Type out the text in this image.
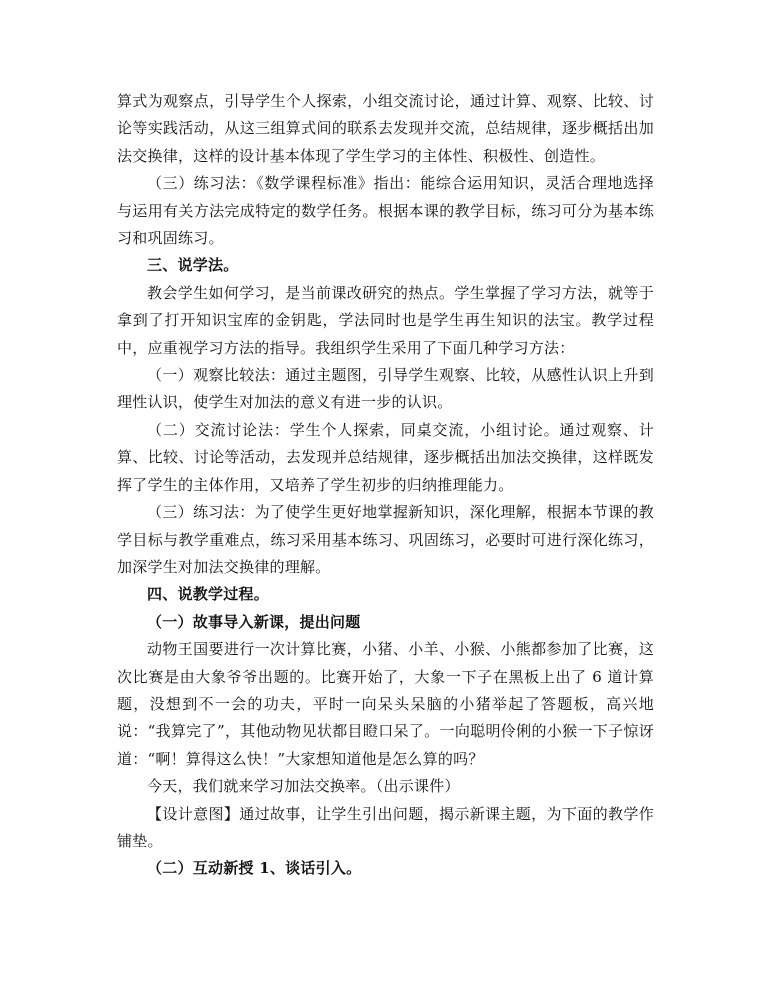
算式为观察点，引导学生个人探索，小组交流讨论，通过计算、观察、比较、讨论等实践活动，从这三组算式间的联系去发现并交流，总结规律，逐步概括出加法交换律，这样的设计基本体现了学生学习的主体性、积极性、创造性。

（三）练习法：《数学课程标准》指出：能综合运用知识，灵活合理地选择与运用有关方法完成特定的数学任务。根据本课的教学目标，练习可分为基本练习和巩固练习。

三、说学法。

教会学生如何学习，是当前课改研究的热点。学生掌握了学习方法，就等于拿到了打开知识宝库的金钥匙，学法同时也是学生再生知识的法宝。教学过程中，应重视学习方法的指导。我组织学生采用了下面几种学习方法：

（一）观察比较法：通过主题图，引导学生观察、比较，从感性认识上升到理性认识，使学生对加法的意义有进一步的认识。

（二）交流讨论法：学生个人探索，同桌交流，小组讨论。通过观察、计算、比较、讨论等活动，去发现并总结规律，逐步概括出加法交换律，这样既发挥了学生的主体作用，又培养了学生初步的归纳推理能力。

（三）练习法：为了使学生更好地掌握新知识，深化理解，根据本节课的教学目标与教学重难点，练习采用基本练习、巩固练习，必要时可进行深化练习，加深学生对加法交换律的理解。

四、说教学过程。

（一）故事导入新课，提出问题

动物王国要进行一次计算比赛，小猪、小羊、小猴、小熊都参加了比赛，这次比赛是由大象爷爷出题的。比赛开始了，大象一下子在黑板上出了 6 道计算题，没想到不一会的功夫，平时一向呆头呆脑的小猪举起了答题板，高兴地说：“我算完了”，其他动物见状都目瞪口呆了。一向聪明伶俐的小猴一下子惊讶道：“啊！算得这么快！”大家想知道他是怎么算的吗？

今天，我们就来学习加法交换率。（出示课件）

【设计意图】通过故事，让学生引出问题，揭示新课主题，为下面的教学作铺垫。

（二）互动新授 1、谈话引入。
